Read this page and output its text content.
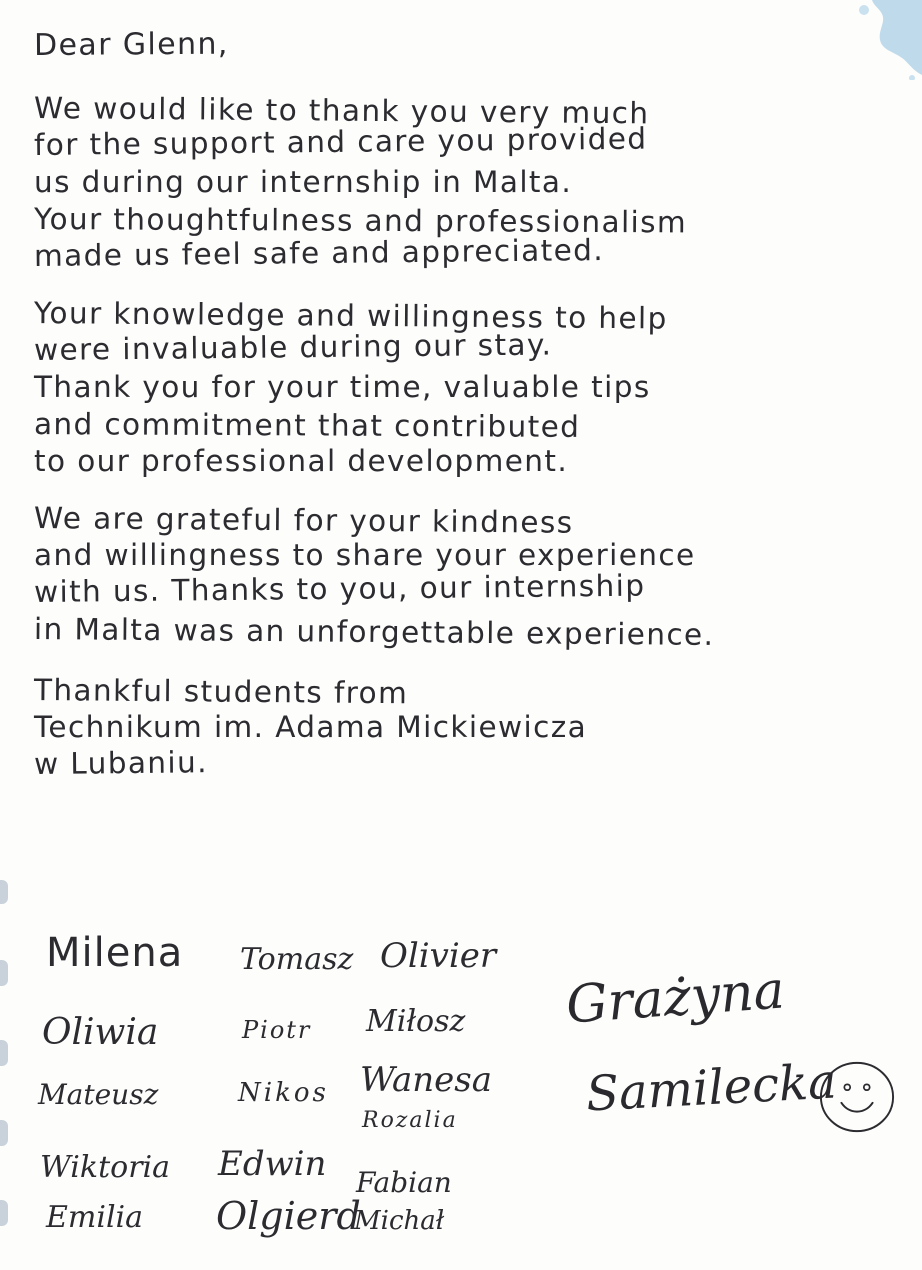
Dear Glenn,
We would like to thank you very much
for the support and care you provided
us during our internship in Malta.
Your thoughtfulness and professionalism
made us feel safe and appreciated.
Your knowledge and willingness to help
were invaluable during our stay.
Thank you for your time, valuable tips
and commitment that contributed
to our professional development.
We are grateful for your kindness
and willingness to share your experience
with us. Thanks to you, our internship
in Malta was an unforgettable experience.
Thankful students from
Technikum im. Adama Mickiewicza
w Lubaniu.
Milena Tomasz Olivier
Oliwia	Piotr Miłosz
Mateusz	Nikos Wanesa
Rozalia
Wiktoria Edwin Fabian
Emilia Olgierd
Michał
Grażyna
Samilecka
